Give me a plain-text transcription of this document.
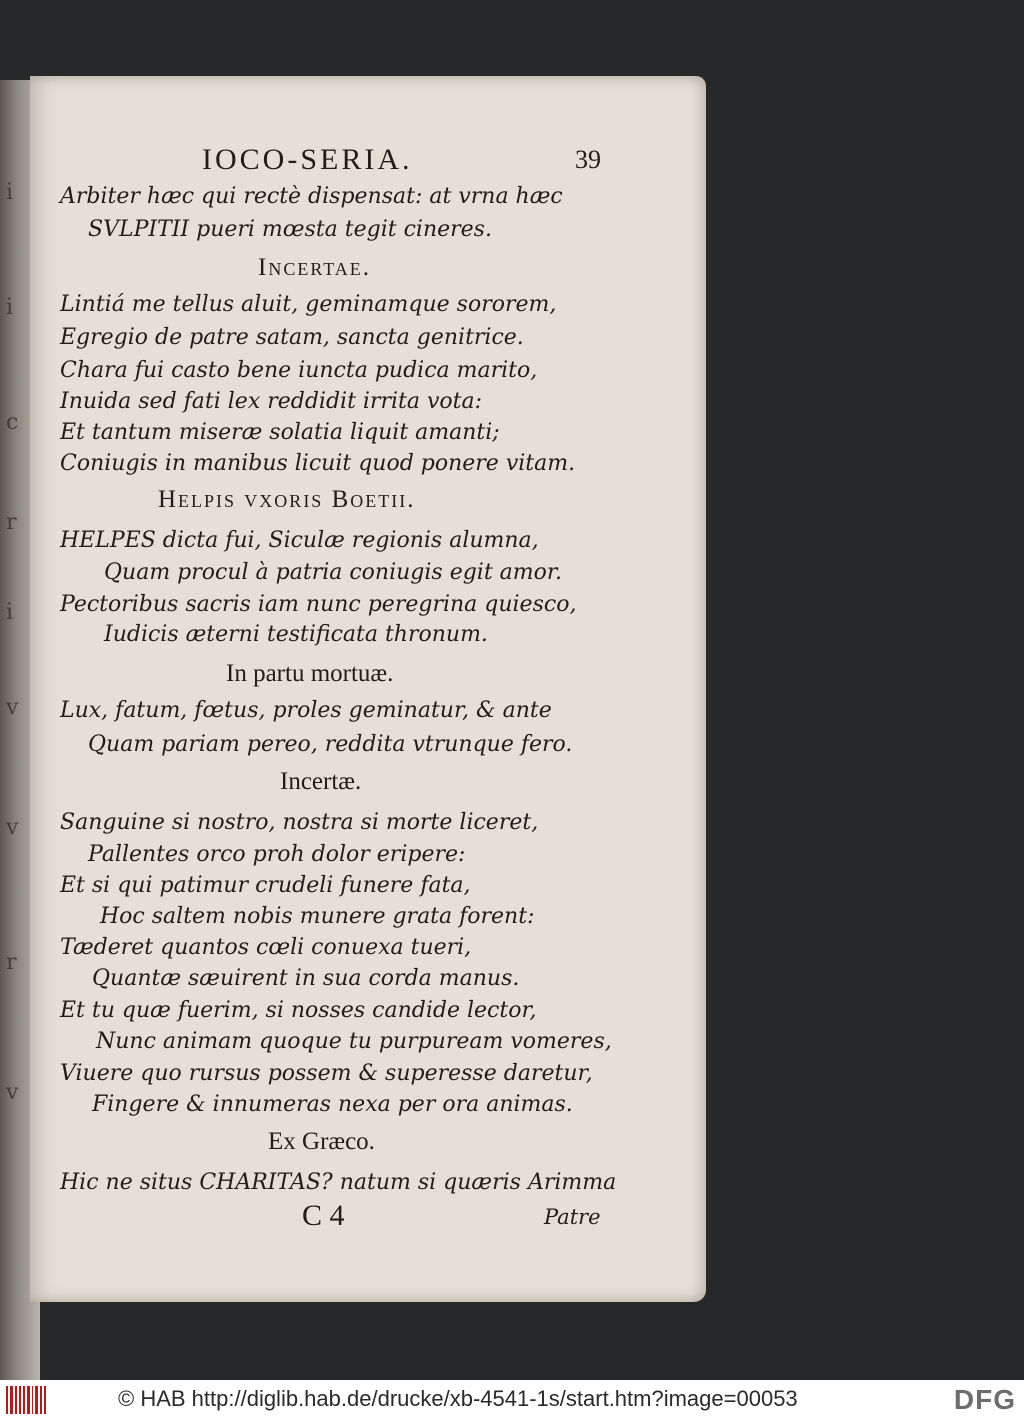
i
i
c
r
i
v
v
r
v
IOCO-SERIA.	39
Arbiter hæc qui rectè dispensat: at vrna hæc
SVLPITII pueri mœsta tegit cineres.
Incertae.
Lintiá me tellus aluit, geminamque sororem,
Egregio de patre satam, sancta genitrice.
Chara fui casto bene iuncta pudica marito,
Inuida sed fati lex reddidit irrita vota:
Et tantum miseræ solatia liquit amanti;
Coniugis in manibus licuit quod ponere vitam.
Helpis vxoris Boetii.
HELPES dicta fui, Siculæ regionis alumna,
Quam procul à patria coniugis egit amor.
Pectoribus sacris iam nunc peregrina quiesco,
Iudicis æterni testificata thronum.
In partu mortuæ.
Lux, fatum, fœtus, proles geminatur, & ante
Quam pariam pereo, reddita vtrunque fero.
Incertæ.
Sanguine si nostro, nostra si morte liceret,
Pallentes orco proh dolor eripere:
Et si qui patimur crudeli funere fata,
Hoc saltem nobis munere grata forent:
Tæderet quantos cœli conuexa tueri,
Quantæ sæuirent in sua corda manus.
Et tu quæ fuerim, si nosses candide lector,
Nunc animam quoque tu purpuream vomeres,
Viuere quo rursus possem & superesse daretur,
Fingere & innumeras nexa per ora animas.
Ex Græco.
Hic ne situs CHARITAS? natum si quæris Arimma
C 4	Patre
© HAB http://diglib.hab.de/drucke/xb-4541-1s/start.htm?image=00053	DFG
